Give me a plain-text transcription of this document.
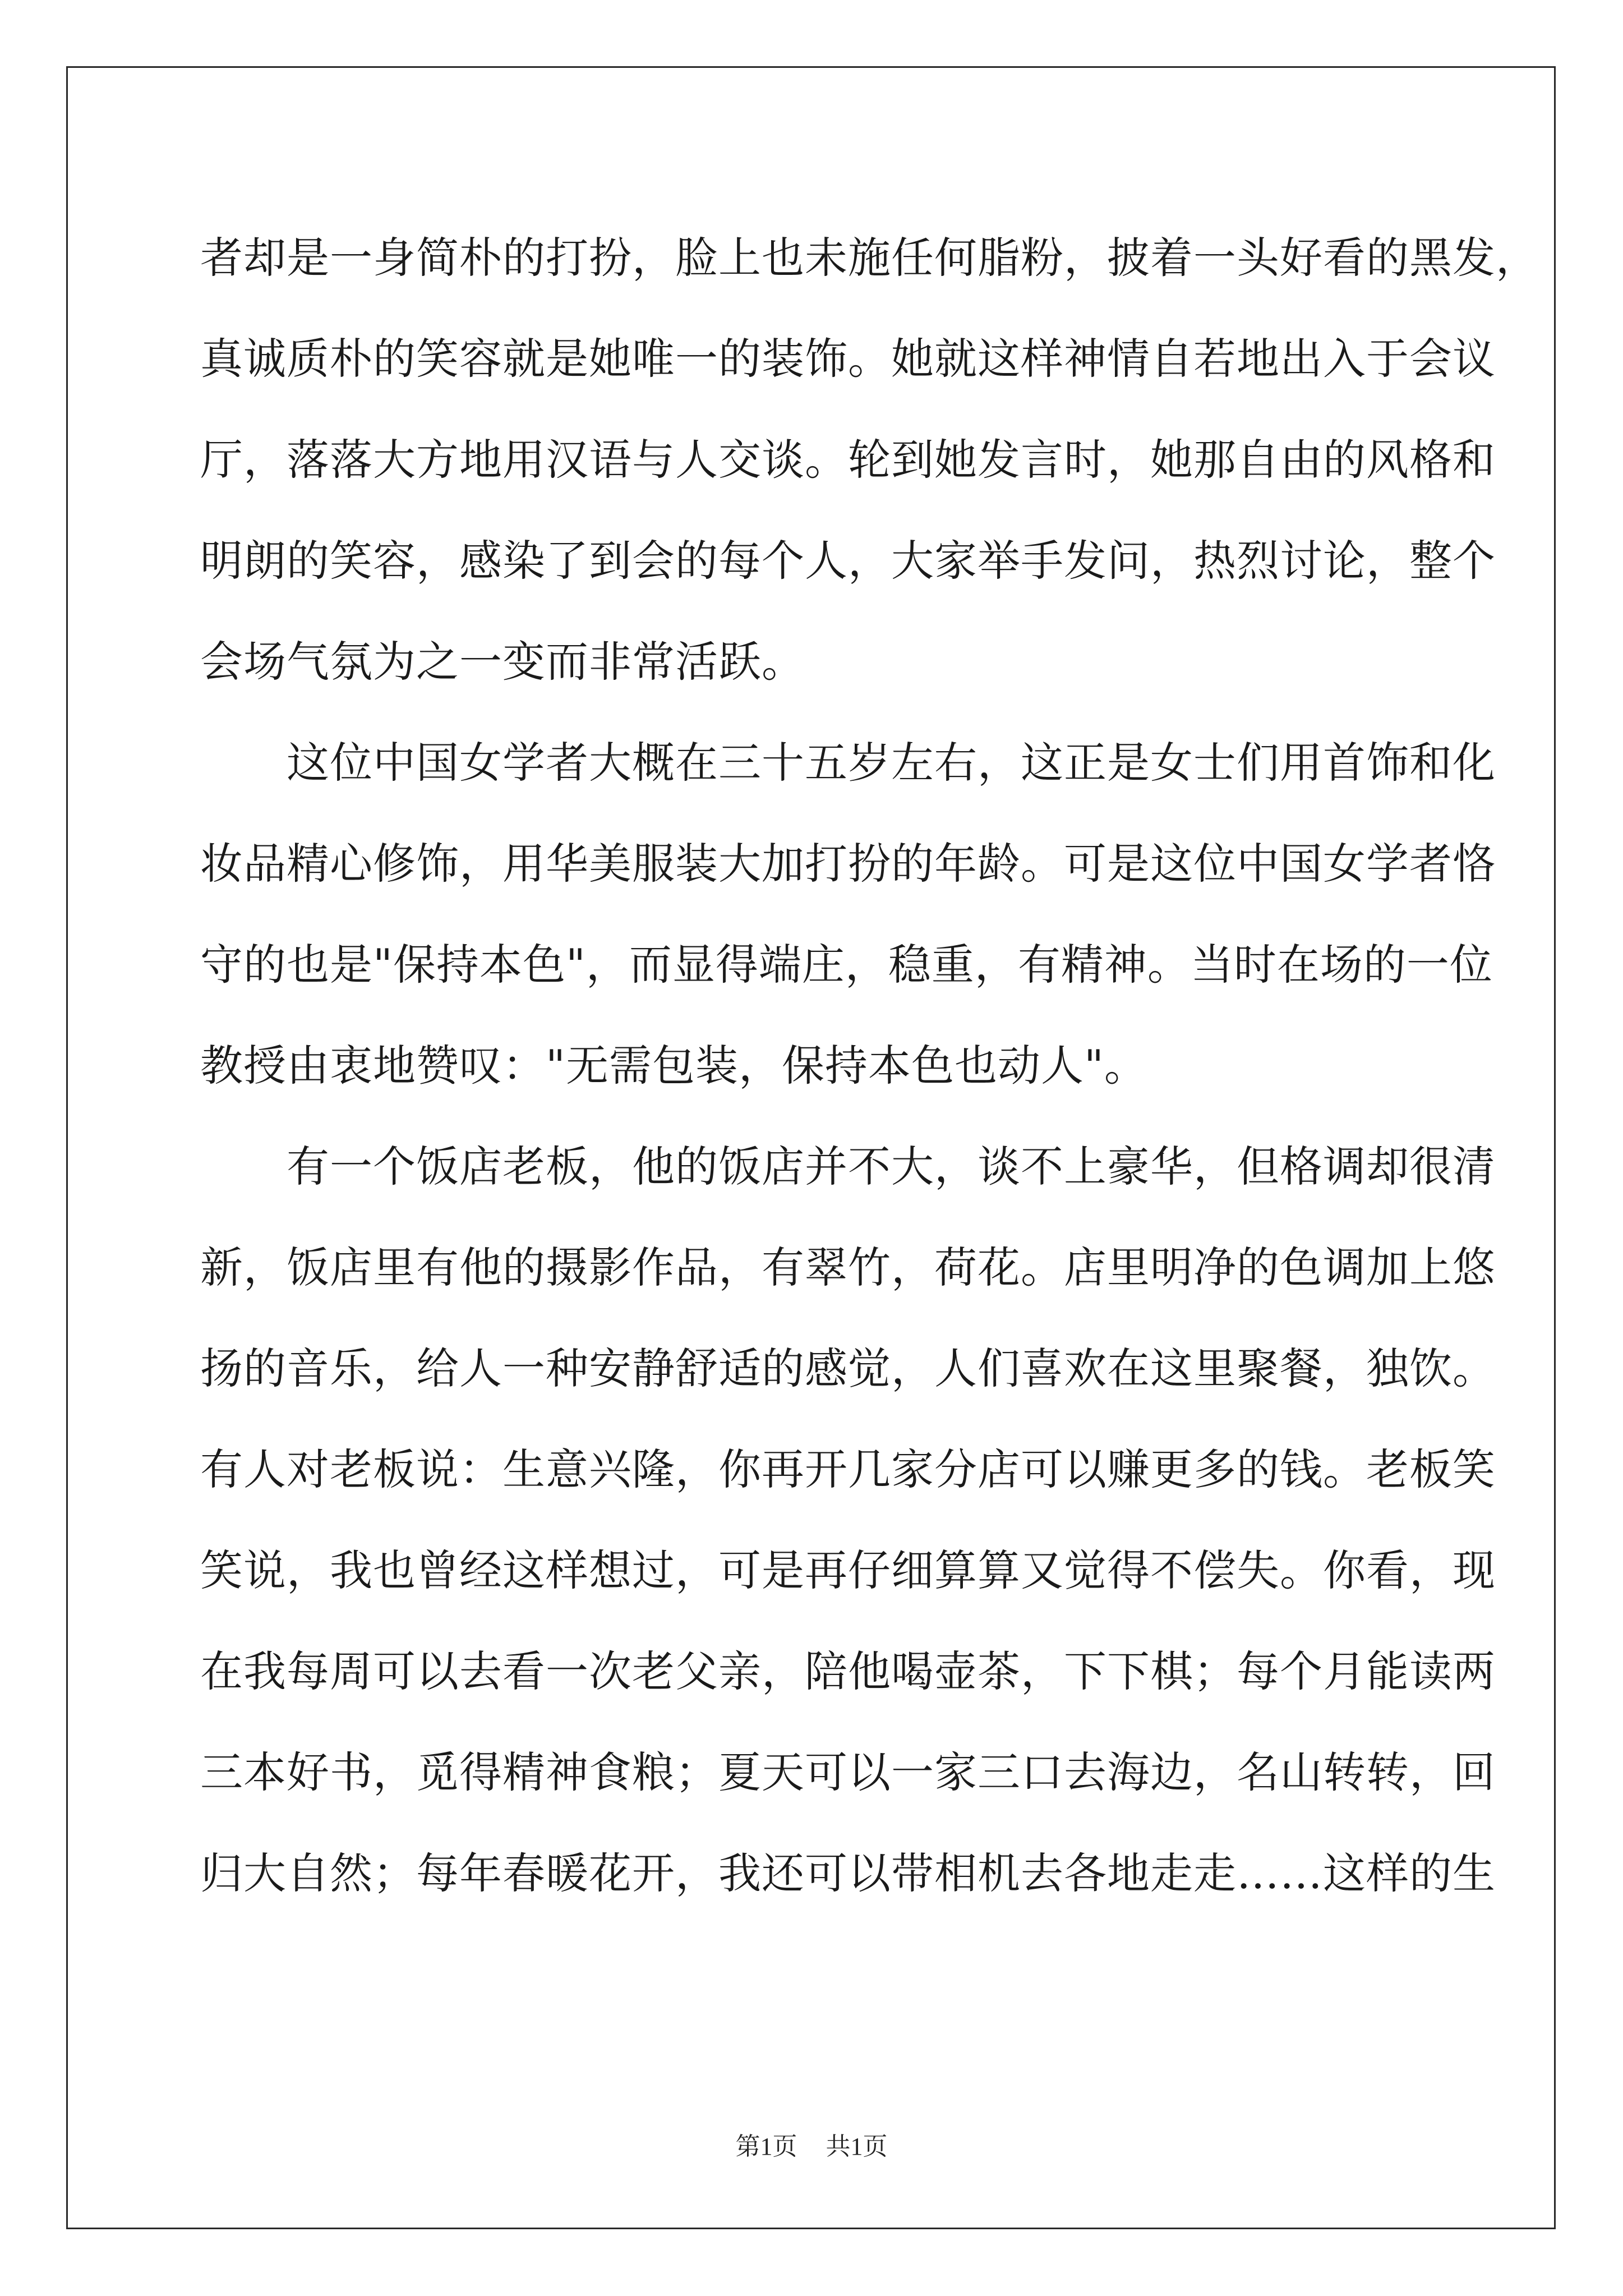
者却是一身简朴的打扮，脸上也未施任何脂粉，披着一头好看的黑发，
真诚质朴的笑容就是她唯一的装饰。她就这样神情自若地出入于会议
厅，落落大方地用汉语与人交谈。轮到她发言时，她那自由的风格和
明朗的笑容，感染了到会的每个人，大家举手发问，热烈讨论，整个
会场气氛为之一变而非常活跃。
　　这位中国女学者大概在三十五岁左右，这正是女士们用首饰和化
妆品精心修饰，用华美服装大加打扮的年龄。可是这位中国女学者恪
守的也是"保持本色"，而显得端庄，稳重，有精神。当时在场的一位
教授由衷地赞叹："无需包装，保持本色也动人"。
　　有一个饭店老板，他的饭店并不大，谈不上豪华，但格调却很清
新，饭店里有他的摄影作品，有翠竹，荷花。店里明净的色调加上悠
扬的音乐，给人一种安静舒适的感觉，人们喜欢在这里聚餐，独饮。
有人对老板说：生意兴隆，你再开几家分店可以赚更多的钱。老板笑
笑说，我也曾经这样想过，可是再仔细算算又觉得不偿失。你看，现
在我每周可以去看一次老父亲，陪他喝壶茶，下下棋；每个月能读两
三本好书，觅得精神食粮；夏天可以一家三口去海边，名山转转，回
归大自然；每年春暖花开，我还可以带相机去各地走走……这样的生
第1页 共1页
